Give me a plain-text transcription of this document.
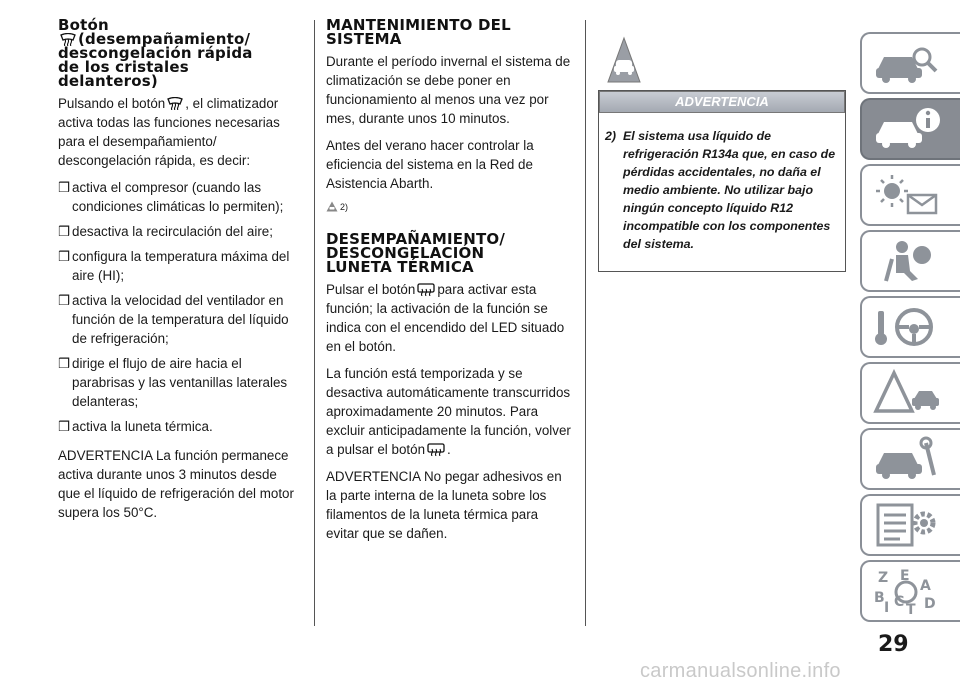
Botón
(desempañamiento/
descongelación rápida
de los cristales
delanteros)

Pulsando el botón , el climatizador activa todas las funciones necesarias para el desempañamiento/ descongelación rápida, es decir:

❒ activa el compresor (cuando las condiciones climáticas lo permiten);
❒ desactiva la recirculación del aire;
❒ configura la temperatura máxima del aire (HI);
❒ activa la velocidad del ventilador en función de la temperatura del líquido de refrigeración;
❒ dirige el flujo de aire hacia el parabrisas y las ventanillas laterales delanteras;
❒ activa la luneta térmica.

ADVERTENCIA La función permanece activa durante unos 3 minutos desde que el líquido de refrigeración del motor supera los 50°C.

MANTENIMIENTO DEL
SISTEMA

Durante el período invernal el sistema de climatización se debe poner en funcionamiento al menos una vez por mes, durante unos 10 minutos.

Antes del verano hacer controlar la eficiencia del sistema en la Red de Asistencia Abarth.

2)
DESEMPAÑAMIENTO/
DESCONGELACIÓN
LUNETA TÉRMICA

Pulsar el botón para activar esta función; la activación de la función se indica con el encendido del LED situado en el botón.

La función está temporizada y se desactiva automáticamente transcurridos aproximadamente 20 minutos. Para excluir anticipadamente la función, volver a pulsar el botón .

ADVERTENCIA No pegar adhesivos en la parte interna de la luneta sobre los filamentos de la luneta térmica para evitar que se dañen.

ADVERTENCIA
2) El sistema usa líquido de refrigeración R134a que, en caso de pérdidas accidentales, no daña el medio ambiente. No utilizar bajo ningún concepto líquido R12 incompatible con los componentes del sistema.
Z E
A
B	D
C T
I
29
carmanualsonline.info
